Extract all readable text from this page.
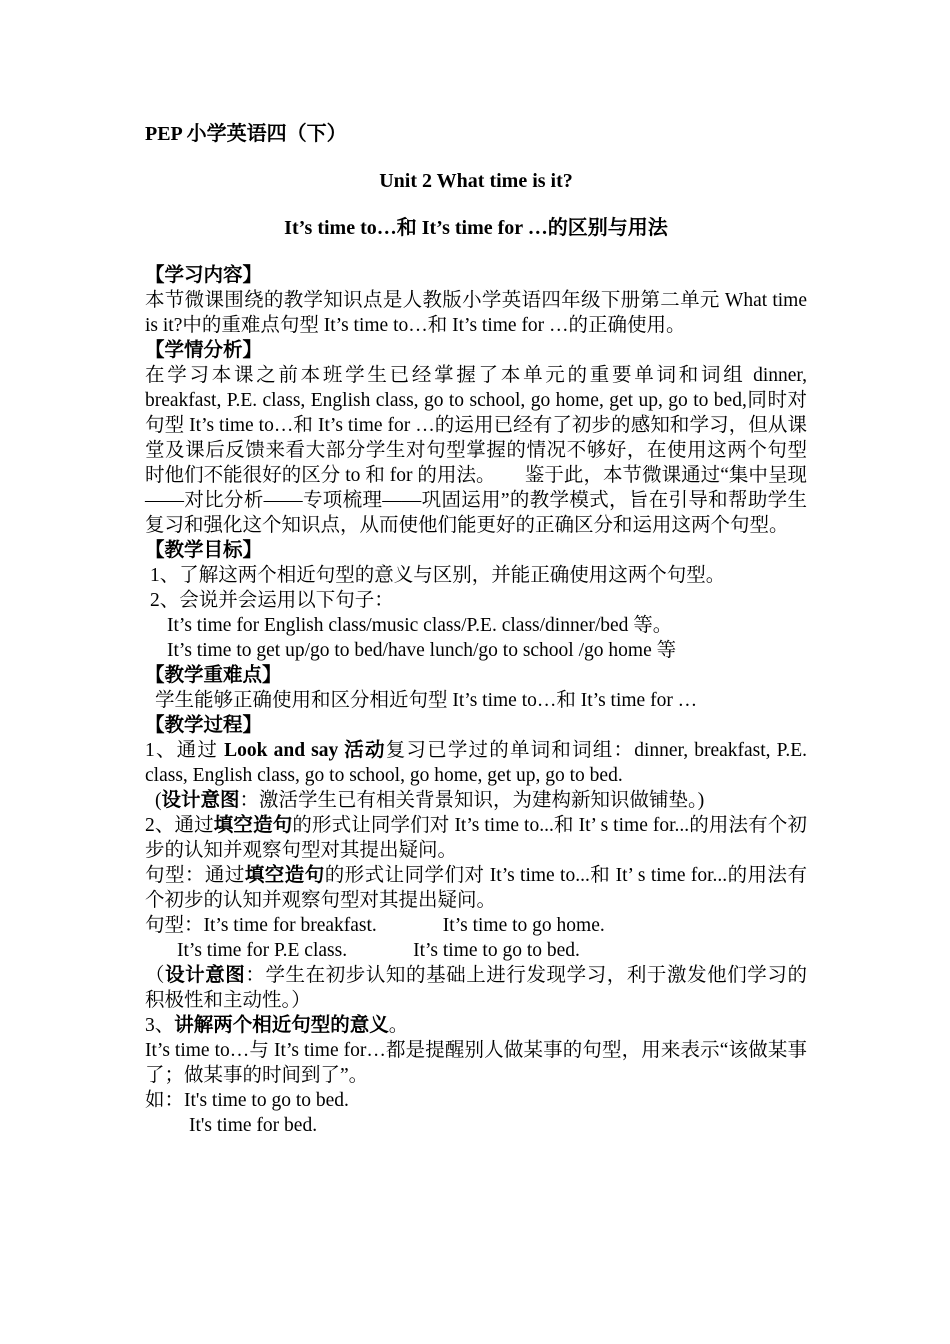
PEP 小学英语四（下）

Unit 2 What time is it?

It’s time to…和 It’s time for …的区别与用法

【学习内容】

本节微课围绕的教学知识点是人教版小学英语四年级下册第二单元 What time is it?中的重难点句型 It’s time to…和 It’s time for …的正确使用。

【学情分析】

在学习本课之前本班学生已经掌握了本单元的重要单词和词组 dinner, breakfast, P.E. class, English class, go to school, go home, get up, go to bed,同时对句型 It’s time to…和 It’s time for …的运用已经有了初步的感知和学习，但从课堂及课后反馈来看大部分学生对句型掌握的情况不够好，在使用这两个句型时他们不能很好的区分 to 和 for 的用法。　　鉴于此，本节微课通过“集中呈现——对比分析——专项梳理——巩固运用”的教学模式，旨在引导和帮助学生复习和强化这个知识点，从而使他们能更好的正确区分和运用这两个句型。

【教学目标】

1、了解这两个相近句型的意义与区别，并能正确使用这两个句型。

2、会说并会运用以下句子：

It’s time for English class/music class/P.E. class/dinner/bed 等。

It’s time to get up/go to bed/have lunch/go to school /go home 等

【教学重难点】

学生能够正确使用和区分相近句型 It’s time to…和 It’s time for …

【教学过程】

1、通过 Look and say 活动复习已学过的单词和词组：dinner, breakfast, P.E. class, English class, go to school, go home, get up, go to bed.

(设计意图：激活学生已有相关背景知识，为建构新知识做铺垫。)

2、通过填空造句的形式让同学们对 It’s time to...和 It’ s time for...的用法有个初步的认知并观察句型对其提出疑问。

句型：通过填空造句的形式让同学们对 It’s time to...和 It’ s time for...的用法有个初步的认知并观察句型对其提出疑问。

句型：It’s time for breakfast.	It’s time to go home.

It’s time for P.E class.	It’s time to go to bed.

（设计意图：学生在初步认知的基础上进行发现学习，利于激发他们学习的积极性和主动性。）

3、讲解两个相近句型的意义。

It’s time to…与 It’s time for…都是提醒别人做某事的句型，用来表示“该做某事了；做某事的时间到了”。

如：It's time to go to bed.

It's time for bed.
